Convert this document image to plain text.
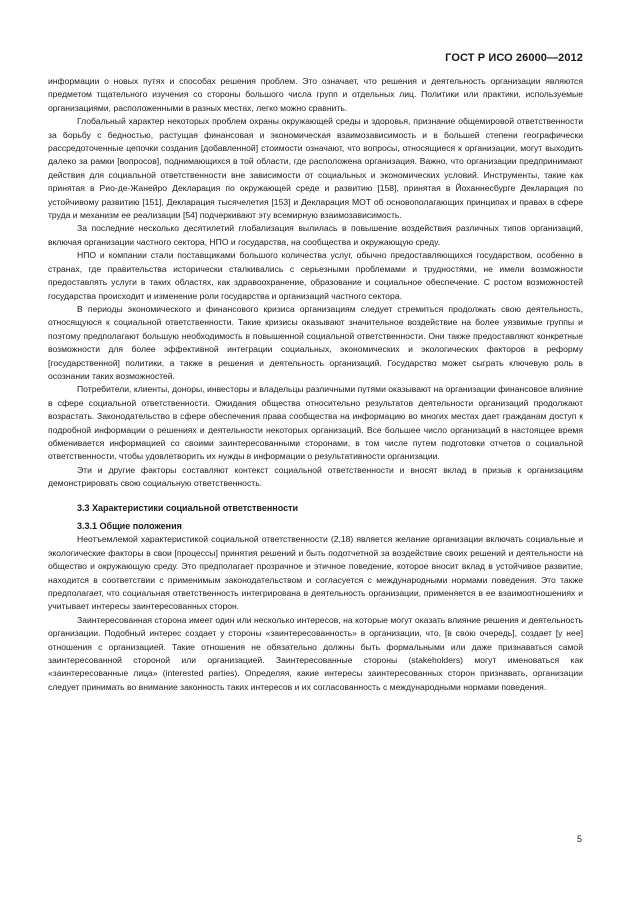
ГОСТ Р ИСО 26000—2012

информации о новых путях и способах решения проблем. Это означает, что решения и деятельность организации являются предметом тщательного изучения со стороны большого числа групп и отдельных лиц. Политики или практики, используемые организациями, расположенными в разных местах, легко можно сравнить.

Глобальный характер некоторых проблем охраны окружающей среды и здоровья, признание общемировой ответственности за борьбу с бедностью, растущая финансовая и экономическая взаимозависимость и в большей степени географически рассредоточенные цепочки создания [добавленной] стоимости означают, что вопросы, относящиеся к организации, могут выходить далеко за рамки [вопросов], поднимающихся в той области, где расположена организация. Важно, что организации предпринимают действия для социальной ответственности вне зависимости от социальных и экономических условий. Инструменты, такие как принятая в Рио-де-Жанейро Декларация по окружающей среде и развитию [158], принятая в Йоханнесбурге Декларация по устойчивому развитию [151], Декларация тысячелетия [153] и Декларация МОТ об основополагающих принципах и правах в сфере труда и механизм ее реализации [54] подчеркивают эту всемирную взаимозависимость.

За последние несколько десятилетий глобализация вылилась в повышение воздействия различных типов организаций, включая организации частного сектора, НПО и государства, на сообщества и окружающую среду.

НПО и компании стали поставщиками большого количества услуг, обычно предоставляющихся государством, особенно в странах, где правительства исторически сталкивались с серьезными проблемами и трудностями, не имели возможности предоставлять услуги в таких областях, как здравоохранение, образование и социальное обеспечение. С ростом возможностей государства происходит и изменение роли государства и организаций частного сектора.

В периоды экономического и финансового кризиса организациям следует стремиться продолжать свою деятельность, относящуюся к социальной ответственности. Такие кризисы оказывают значительное воздействие на более уязвимые группы и поэтому предполагают большую необходимость в повышенной социальной ответственности. Они также предоставляют конкретные возможности для более эффективной интеграции социальных, экономических и экологических факторов в реформу [государственной] политики, а также в решения и деятельность организаций. Государство может сыграть ключевую роль в осознании таких возможностей.

Потребители, клиенты, доноры, инвесторы и владельцы различными путями оказывают на организации финансовое влияние в сфере социальной ответственности. Ожидания общества относительно результатов деятельности организаций продолжают возрастать. Законодательство в сфере обеспечения права сообщества на информацию во многих местах дает гражданам доступ к подробной информации о решениях и деятельности некоторых организаций. Все большее число организаций в настоящее время обменивается информацией со своими заинтересованными сторонами, в том числе путем подготовки отчетов о социальной ответственности, чтобы удовлетворить их нужды в информации о результативности организации.

Эти и другие факторы составляют контекст социальной ответственности и вносят вклад в призыв к организациям демонстрировать свою социальную ответственность.

3.3 Характеристики социальной ответственности
3.3.1 Общие положения

Неотъемлемой характеристикой социальной ответственности (2.18) является желание организации включать социальные и экологические факторы в свои [процессы] принятия решений и быть подотчетной за воздействие своих решений и деятельности на общество и окружающую среду. Это предполагает прозрачное и этичное поведение, которое вносит вклад в устойчивое развитие, находится в соответствии с применимым законодательством и согласуется с международными нормами поведения. Это также предполагает, что социальная ответственность интегрирована в деятельность организации, применяется в ее взаимоотношениях и учитывает интересы заинтересованных сторон.

Заинтересованная сторона имеет один или несколько интересов, на которые могут оказать влияние решения и деятельность организации. Подобный интерес создает у стороны «заинтересованность» в организации, что, [в свою очередь], создает [у нее] отношения с организацией. Такие отношения не обязательно должны быть формальными или даже признаваться самой заинтересованной стороной или организацией. Заинтересованные стороны (stakeholders) могут именоваться как «заинтересованные лица» (interested parties). Определяя, какие интересы заинтересованных сторон признавать, организации следует принимать во внимание законность таких интересов и их согласованность с международными нормами поведения.

5
